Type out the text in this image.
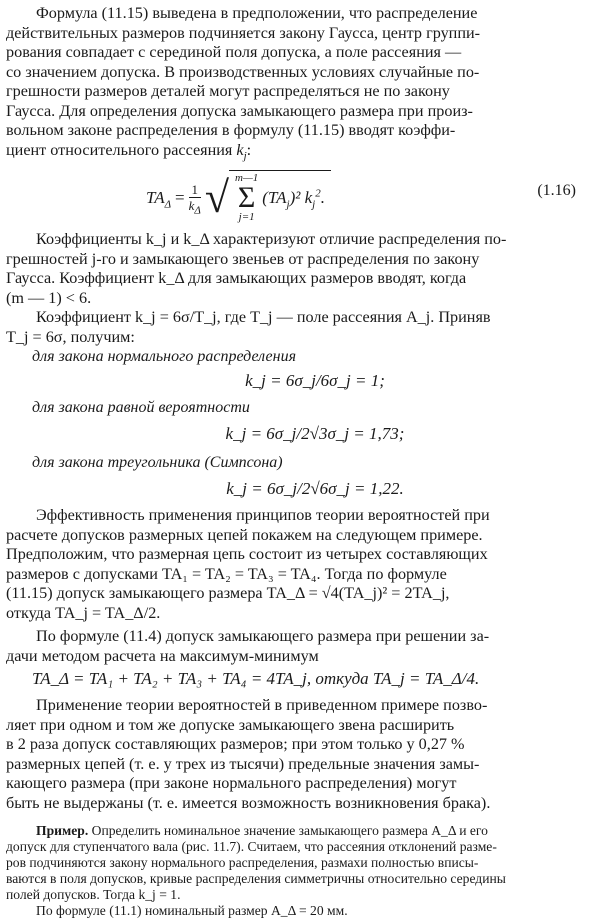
Формула (11.15) выведена в предположении, что распределение

действительных размеров подчиняется закону Гаусса, центр группи-

рования совпадает с серединой поля допуска, а поле рассеяния —

со значением допуска. В производственных условиях случайные по-

грешности размеров деталей могут распределяться не по закону

Гаусса. Для определения допуска замыкающего размера при произ-

вольном законе распределения в формулу (11.15) вводят коэффи-

циент относительного рассеяния $k_j$:

$TA_\Delta = \frac{1}{k_\Delta}$ √ m—1
Σ
j=1
$(TA_j)^2$ $k_j^2$.	(1.16)

Коэффициенты k_j и k_Δ характеризуют отличие распределения по-

грешностей j-го и замыкающего звеньев от распределения по закону

Гаусса. Коэффициент k_Δ для замыкающих размеров вводят, когда

(m — 1) < 6.

Коэффициент k_j = 6σ/T_j, где T_j — поле рассеяния A_j. Приняв

T_j = 6σ, получим:

для закона нормального распределения

k_j = 6σ_j/6σ_j = 1;

для закона равной вероятности

k_j = 6σ_j/2√3σ_j = 1,73;

для закона треугольника (Симпсона)

k_j = 6σ_j/2√6σ_j = 1,22.

Эффективность применения принципов теории вероятностей при

расчете допусков размерных цепей покажем на следующем примере.

Предположим, что размерная цепь состоит из четырех составляющих

размеров с допусками TA₁ = TA₂ = TA₃ = TA₄. Тогда по формуле

(11.15) допуск замыкающего размера TA_Δ = √4(TA_j)² = 2TA_j,

откуда TA_j = TA_Δ/2.

По формуле (11.4) допуск замыкающего размера при решении за-

дачи методом расчета на максимум-минимум

TA_Δ = TA₁ + TA₂ + TA₃ + TA₄ = 4TA_j, откуда TA_j = TA_Δ/4.

Применение теории вероятностей в приведенном примере позво-

ляет при одном и том же допуске замыкающего звена расширить

в 2 раза допуск составляющих размеров; при этом только у 0,27 %

размерных цепей (т. е. у трех из тысячи) предельные значения замы-

кающего размера (при законе нормального распределения) могут

быть не выдержаны (т. е. имеется возможность возникновения брака).

Пример. Определить номинальное значение замыкающего размера A_Δ и его

допуск для ступенчатого вала (рис. 11.7). Считаем, что рассеяния отклонений разме-

ров подчиняются закону нормального распределения, размахи полностью вписы-

ваются в поля допусков, кривые распределения симметричны относительно середины

полей допусков. Тогда k_j = 1.

По формуле (11.1) номинальный размер A_Δ = 20 мм.
